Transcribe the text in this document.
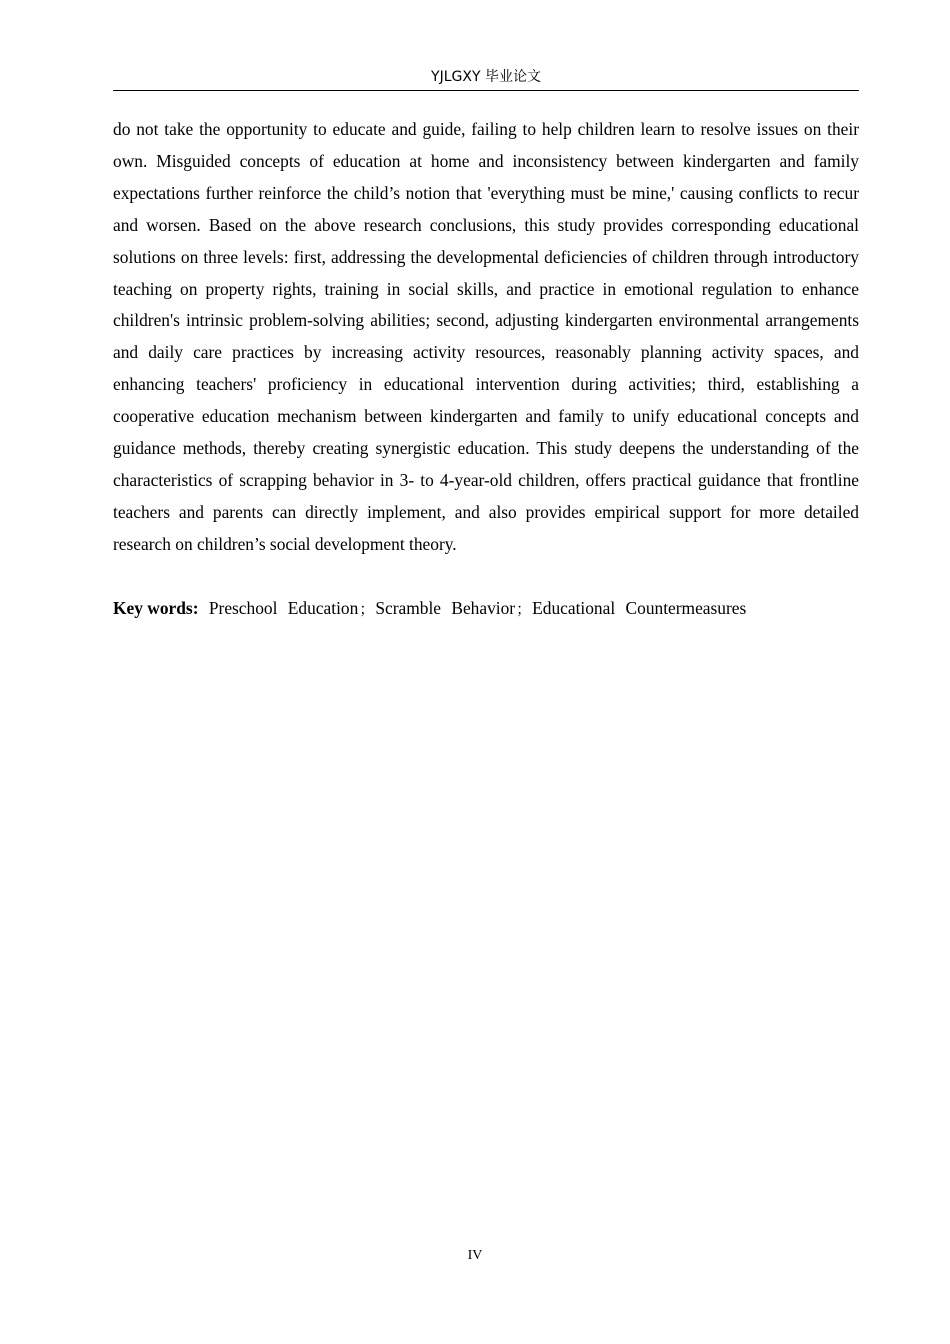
YJLGXY 毕业论文

do not take the opportunity to educate and guide, failing to help children learn to resolve issues on their own. Misguided concepts of education at home and inconsistency between kindergarten and family expectations further reinforce the child’s notion that 'everything must be mine,' causing conflicts to recur and worsen. Based on the above research conclusions, this study provides corresponding educational solutions on three levels: first, addressing the developmental deficiencies of children through introductory teaching on property rights, training in social skills, and practice in emotional regulation to enhance children's intrinsic problem-solving abilities; second, adjusting kindergarten environmental arrangements and daily care practices by increasing activity resources, reasonably planning activity spaces, and enhancing teachers' proficiency in educational intervention during activities; third, establishing a cooperative education mechanism between kindergarten and family to unify educational concepts and guidance methods, thereby creating synergistic education. This study deepens the understanding of the characteristics of scrapping behavior in 3- to 4-year-old children, offers practical guidance that frontline teachers and parents can directly implement, and also provides empirical support for more detailed research on children’s social development theory.

Key words: Preschool Education；Scramble Behavior；Educational Countermeasures

IV
